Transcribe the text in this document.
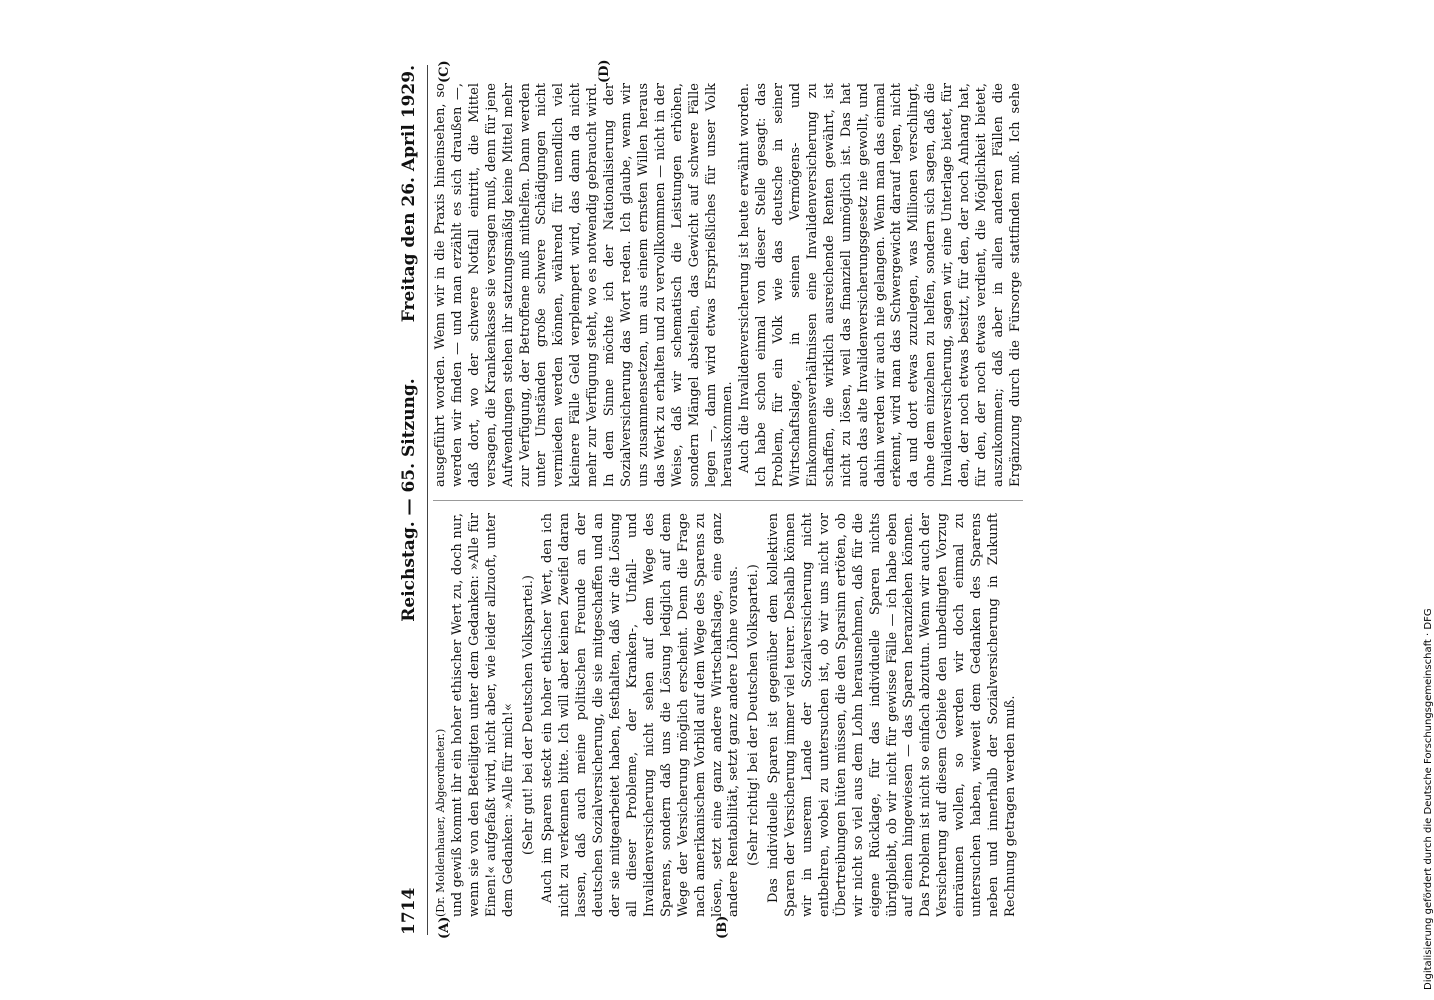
1714
Reichstag. — 65. Sitzung.
Freitag den 26. April 1929.
(A)	(B)
(C)	(D)

(Dr. Moldenhauer, Abgeordneter.) und gewiß kommt ihr ein hoher ethischer Wert zu, doch nur, wenn sie von den Beteiligten unter dem Gedanken: »Alle für Einen!« aufgefaßt wird, nicht aber, wie leider allzuoft, unter dem Gedanken: »Alle für mich!« (Sehr gut! bei der Deutschen Volkspartei.) Auch im Sparen steckt ein hoher ethischer Wert, den ich nicht zu verkennen bitte. Ich will aber keinen Zweifel daran lassen, daß auch meine politischen Freunde an der deutschen Sozialversicherung, die sie mitgeschaffen und an der sie mitgearbeitet haben, festhalten, daß wir die Lösung all dieser Probleme, der Kranken-, Unfall- und Invalidenversicherung nicht sehen auf dem Wege des Sparens, sondern daß uns die Lösung lediglich auf dem Wege der Versicherung möglich erscheint. Denn die Frage nach amerikanischem Vorbild auf dem Wege des Sparens zu lösen, setzt eine ganz andere Wirtschaftslage, eine ganz andere Rentabilität, setzt ganz andere Löhne voraus. (Sehr richtig! bei der Deutschen Volkspartei.) Das individuelle Sparen ist gegenüber dem kollektiven Sparen der Versicherung immer viel teurer. Deshalb können wir in unserem Lande der Sozialversicherung nicht entbehren, wobei zu untersuchen ist, ob wir uns nicht vor Übertreibungen hüten müssen, die den Sparsinn ertöten, ob wir nicht so viel aus dem Lohn herausnehmen, daß für die eigene Rücklage, für das individuelle Sparen nichts übrigbleibt, ob wir nicht für gewisse Fälle — ich habe eben auf einen hingewiesen — das Sparen heranziehen können. Das Problem ist nicht so einfach abzutun. Wenn wir auch der Versicherung auf diesem Gebiete den unbedingten Vorzug einräumen wollen, so werden wir doch einmal zu untersuchen haben, wieweit dem Gedanken des Sparens neben und innerhalb der Sozialversicherung in Zukunft Rechnung getragen werden muß.

ausgeführt worden. Wenn wir in die Praxis hineinsehen, so werden wir finden — und man erzählt es sich draußen —, daß dort, wo der schwere Notfall eintritt, die Mittel versagen, die Krankenkasse sie versagen muß, denn für jene Aufwendungen stehen ihr satzungsmäßig keine Mittel mehr zur Verfügung, der Betroffene muß mithelfen. Dann werden unter Umständen große schwere Schädigungen nicht vermieden werden können, während für unendlich viel kleinere Fälle Geld verplempert wird, das dann da nicht mehr zur Verfügung steht, wo es notwendig gebraucht wird. In dem Sinne möchte ich der Nationalisierung der Sozialversicherung das Wort reden. Ich glaube, wenn wir uns zusammensetzen, um aus einem ernsten Willen heraus das Werk zu erhalten und zu vervollkommnen — nicht in der Weise, daß wir schematisch die Leistungen erhöhen, sondern Mängel abstellen, das Gewicht auf schwere Fälle legen —, dann wird etwas Ersprießliches für unser Volk herauskommen. Auch die Invalidenversicherung ist heute erwähnt worden. Ich habe schon einmal von dieser Stelle gesagt: das Problem, für ein Volk wie das deutsche in seiner Wirtschaftslage, in seinen Vermögens- und Einkommensverhältnissen eine Invalidenversicherung zu schaffen, die wirklich ausreichende Renten gewährt, ist nicht zu lösen, weil das finanziell unmöglich ist. Das hat auch das alte Invalidenversicherungsgesetz nie gewollt, und dahin werden wir auch nie gelangen. Wenn man das einmal erkennt, wird man das Schwergewicht darauf legen, nicht da und dort etwas zuzulegen, was Millionen verschlingt, ohne dem einzelnen zu helfen, sondern sich sagen, daß die Invalidenversicherung, sagen wir, eine Unterlage bietet, für den, der noch etwas besitzt, für den, der noch Anhang hat, für den, der noch etwas verdient, die Möglichkeit bietet, auszukommen; daß aber in allen anderen Fällen die Ergänzung durch die Fürsorge stattfinden muß. Ich sehe

Digitalisierung gefördert durch die Deutsche Forschungsgemeinschaft · DFG
